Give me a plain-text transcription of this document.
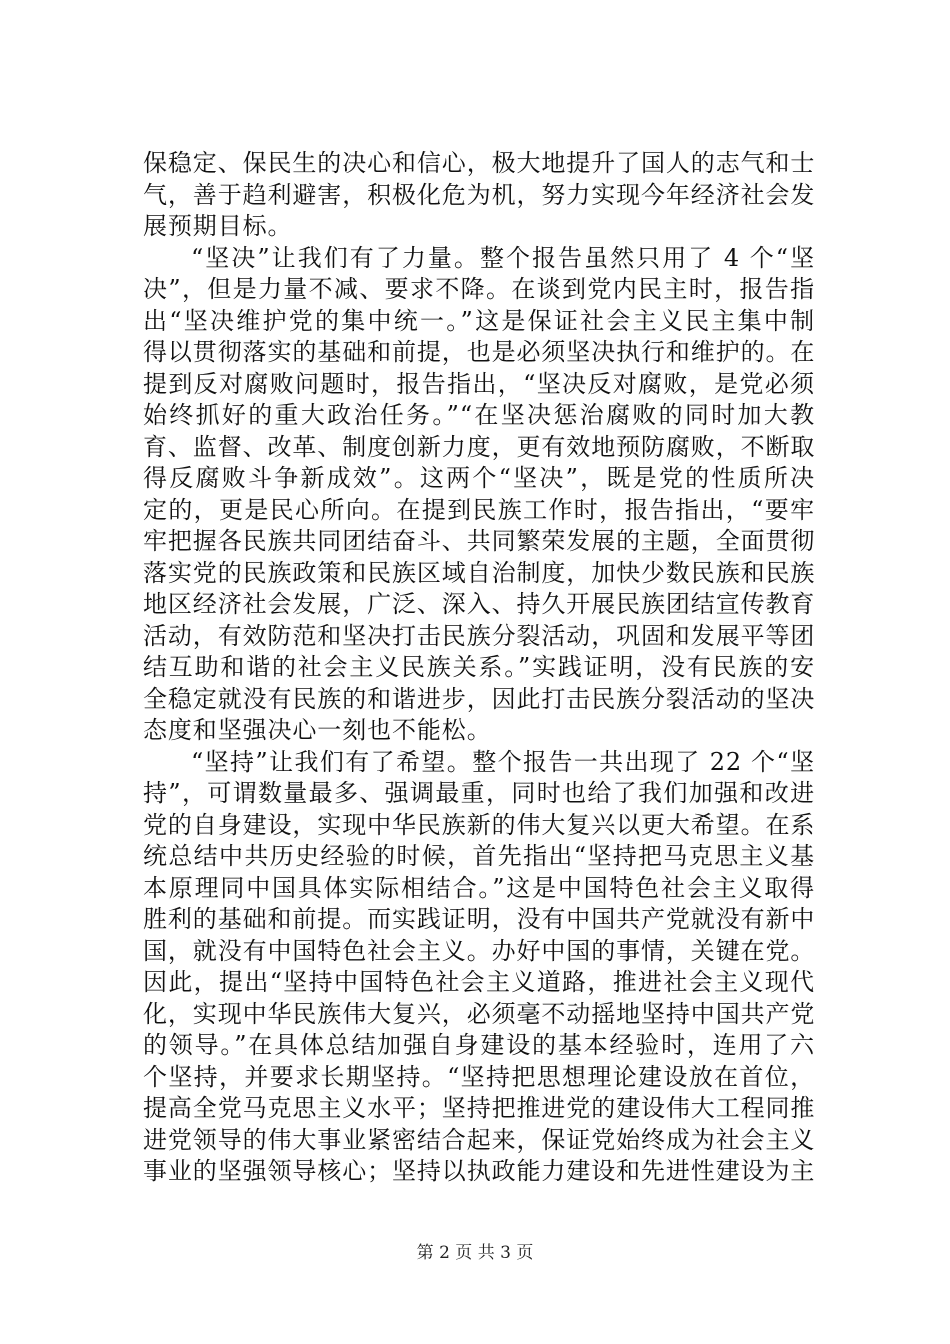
保稳定、保民生的决心和信心，极大地提升了国人的志气和士
气，善于趋利避害，积极化危为机，努力实现今年经济社会发
展预期目标。
“坚决”让我们有了力量。整个报告虽然只用了 4 个“坚
决”，但是力量不减、要求不降。在谈到党内民主时，报告指
出“坚决维护党的集中统一。”这是保证社会主义民主集中制
得以贯彻落实的基础和前提，也是必须坚决执行和维护的。在
提到反对腐败问题时，报告指出，“坚决反对腐败，是党必须
始终抓好的重大政治任务。”“在坚决惩治腐败的同时加大教
育、监督、改革、制度创新力度，更有效地预防腐败，不断取
得反腐败斗争新成效”。这两个“坚决”，既是党的性质所决
定的，更是民心所向。在提到民族工作时，报告指出，“要牢
牢把握各民族共同团结奋斗、共同繁荣发展的主题，全面贯彻
落实党的民族政策和民族区域自治制度，加快少数民族和民族
地区经济社会发展，广泛、深入、持久开展民族团结宣传教育
活动，有效防范和坚决打击民族分裂活动，巩固和发展平等团
结互助和谐的社会主义民族关系。”实践证明，没有民族的安
全稳定就没有民族的和谐进步，因此打击民族分裂活动的坚决
态度和坚强决心一刻也不能松。
“坚持”让我们有了希望。整个报告一共出现了 22 个“坚
持”，可谓数量最多、强调最重，同时也给了我们加强和改进
党的自身建设，实现中华民族新的伟大复兴以更大希望。在系
统总结中共历史经验的时候，首先指出“坚持把马克思主义基
本原理同中国具体实际相结合。”这是中国特色社会主义取得
胜利的基础和前提。而实践证明，没有中国共产党就没有新中
国，就没有中国特色社会主义。办好中国的事情，关键在党。
因此，提出“坚持中国特色社会主义道路，推进社会主义现代
化，实现中华民族伟大复兴，必须毫不动摇地坚持中国共产党
的领导。”在具体总结加强自身建设的基本经验时，连用了六
个坚持，并要求长期坚持。“坚持把思想理论建设放在首位，
提高全党马克思主义水平；坚持把推进党的建设伟大工程同推
进党领导的伟大事业紧密结合起来，保证党始终成为社会主义
事业的坚强领导核心；坚持以执政能力建设和先进性建设为主
第 2 页 共 3 页
